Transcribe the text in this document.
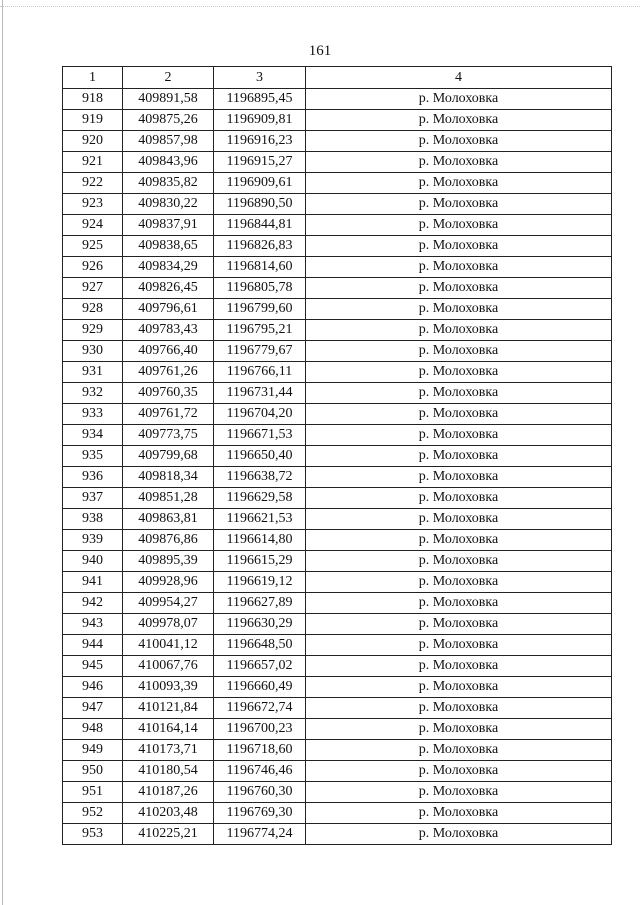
161
1	2	3	4
918	409891,58	1196895,45	р. Молоховка
919	409875,26	1196909,81	р. Молоховка
920	409857,98	1196916,23	р. Молоховка
921	409843,96	1196915,27	р. Молоховка
922	409835,82	1196909,61	р. Молоховка
923	409830,22	1196890,50	р. Молоховка
924	409837,91	1196844,81	р. Молоховка
925	409838,65	1196826,83	р. Молоховка
926	409834,29	1196814,60	р. Молоховка
927	409826,45	1196805,78	р. Молоховка
928	409796,61	1196799,60	р. Молоховка
929	409783,43	1196795,21	р. Молоховка
930	409766,40	1196779,67	р. Молоховка
931	409761,26	1196766,11	р. Молоховка
932	409760,35	1196731,44	р. Молоховка
933	409761,72	1196704,20	р. Молоховка
934	409773,75	1196671,53	р. Молоховка
935	409799,68	1196650,40	р. Молоховка
936	409818,34	1196638,72	р. Молоховка
937	409851,28	1196629,58	р. Молоховка
938	409863,81	1196621,53	р. Молоховка
939	409876,86	1196614,80	р. Молоховка
940	409895,39	1196615,29	р. Молоховка
941	409928,96	1196619,12	р. Молоховка
942	409954,27	1196627,89	р. Молоховка
943	409978,07	1196630,29	р. Молоховка
944	410041,12	1196648,50	р. Молоховка
945	410067,76	1196657,02	р. Молоховка
946	410093,39	1196660,49	р. Молоховка
947	410121,84	1196672,74	р. Молоховка
948	410164,14	1196700,23	р. Молоховка
949	410173,71	1196718,60	р. Молоховка
950	410180,54	1196746,46	р. Молоховка
951	410187,26	1196760,30	р. Молоховка
952	410203,48	1196769,30	р. Молоховка
953	410225,21	1196774,24	р. Молоховка
